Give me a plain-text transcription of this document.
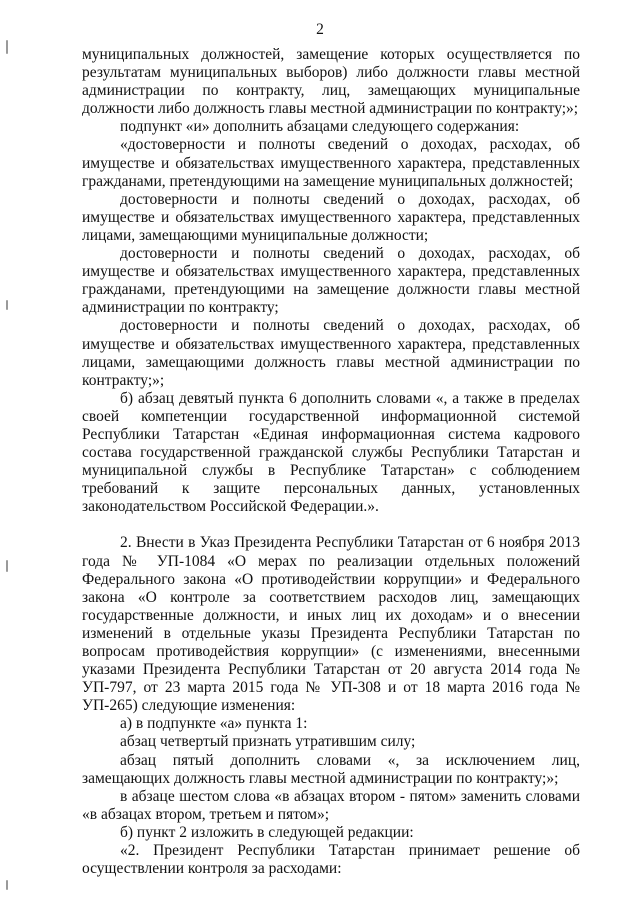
2

муниципальных должностей, замещение которых осуществляется по результатам муниципальных выборов) либо должности главы местной администрации по контракту, лиц, замещающих муниципальные должности либо должность главы местной администрации по контракту;»;

подпункт «и» дополнить абзацами следующего содержания:

«достоверности и полноты сведений о доходах, расходах, об имуществе и обязательствах имущественного характера, представленных гражданами, претендующими на замещение муниципальных должностей;

достоверности и полноты сведений о доходах, расходах, об имуществе и обязательствах имущественного характера, представленных лицами, замещающими муниципальные должности;

достоверности и полноты сведений о доходах, расходах, об имуществе и обязательствах имущественного характера, представленных гражданами, претендующими на замещение должности главы местной администрации по контракту;

достоверности и полноты сведений о доходах, расходах, об имуществе и обязательствах имущественного характера, представленных лицами, замещающими должность главы местной администрации по контракту;»;

б) абзац девятый пункта 6 дополнить словами «, а также в пределах своей компетенции государственной информационной системой Республики Татарстан «Единая информационная система кадрового состава государственной гражданской службы Республики Татарстан и муниципальной службы в Республике Татарстан» с соблюдением требований к защите персональных данных, установленных законодательством Российской Федерации.».

2. Внести в Указ Президента Республики Татарстан от 6 ноября 2013 года № УП-1084 «О мерах по реализации отдельных положений Федерального закона «О противодействии коррупции» и Федерального закона «О контроле за соответствием расходов лиц, замещающих государственные должности, и иных лиц их доходам» и о внесении изменений в отдельные указы Президента Республики Татарстан по вопросам противодействия коррупции» (с изменениями, внесенными указами Президента Республики Татарстан от 20 августа 2014 года № УП-797, от 23 марта 2015 года № УП-308 и от 18 марта 2016 года № УП-265) следующие изменения:

а) в подпункте «а» пункта 1:

абзац четвертый признать утратившим силу;

абзац пятый дополнить словами «, за исключением лиц, замещающих должность главы местной администрации по контракту;»;

в абзаце шестом слова «в абзацах втором - пятом» заменить словами «в абзацах втором, третьем и пятом»;

б) пункт 2 изложить в следующей редакции:

«2. Президент Республики Татарстан принимает решение об осуществлении контроля за расходами:
